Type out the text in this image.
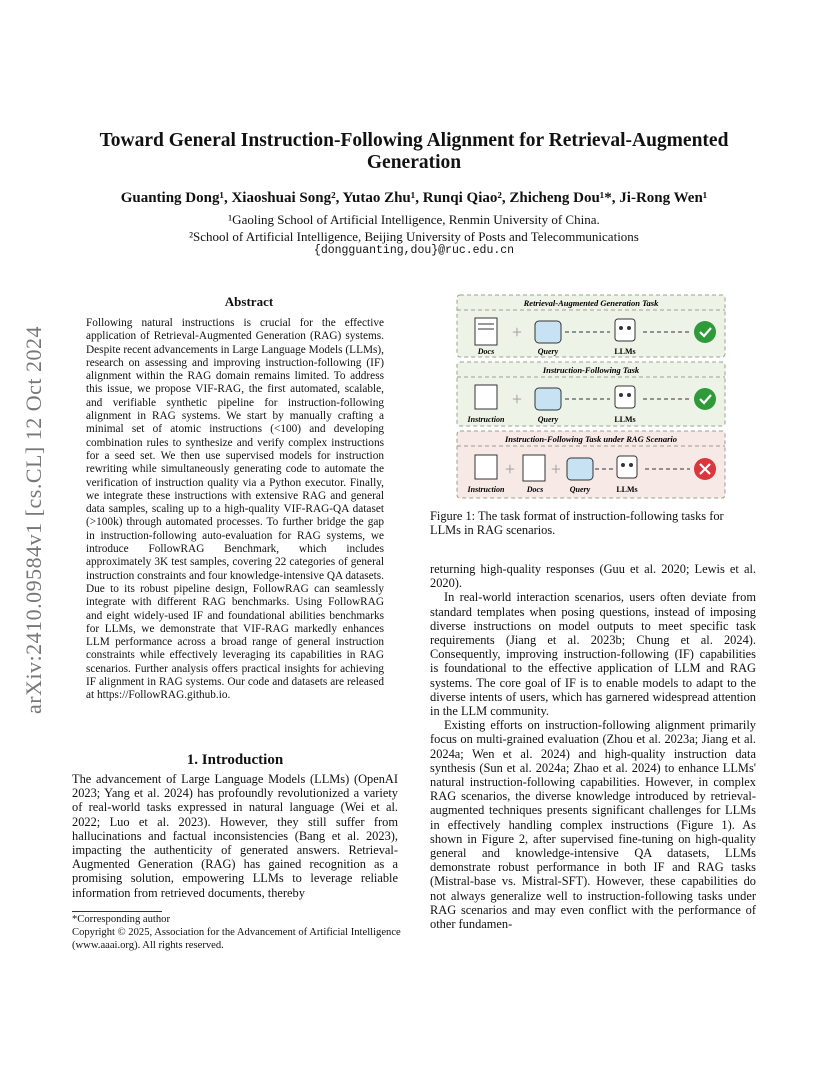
arXiv:2410.09584v1 [cs.CL] 12 Oct 2024
Toward General Instruction-Following Alignment for Retrieval-Augmented Generation
Guanting Dong¹, Xiaoshuai Song², Yutao Zhu¹, Runqi Qiao², Zhicheng Dou¹*, Ji-Rong Wen¹
¹Gaoling School of Artificial Intelligence, Renmin University of China.
²School of Artificial Intelligence, Beijing University of Posts and Telecommunications
{dongguanting,dou}@ruc.edu.cn
Abstract
Following natural instructions is crucial for the effective application of Retrieval-Augmented Generation (RAG) systems. Despite recent advancements in Large Language Models (LLMs), research on assessing and improving instruction-following (IF) alignment within the RAG domain remains limited. To address this issue, we propose VIF-RAG, the first automated, scalable, and verifiable synthetic pipeline for instruction-following alignment in RAG systems. We start by manually crafting a minimal set of atomic instructions (<100) and developing combination rules to synthesize and verify complex instructions for a seed set. We then use supervised models for instruction rewriting while simultaneously generating code to automate the verification of instruction quality via a Python executor. Finally, we integrate these instructions with extensive RAG and general data samples, scaling up to a high-quality VIF-RAG-QA dataset (>100k) through automated processes. To further bridge the gap in instruction-following auto-evaluation for RAG systems, we introduce FollowRAG Benchmark, which includes approximately 3K test samples, covering 22 categories of general instruction constraints and four knowledge-intensive QA datasets. Due to its robust pipeline design, FollowRAG can seamlessly integrate with different RAG benchmarks. Using FollowRAG and eight widely-used IF and foundational abilities benchmarks for LLMs, we demonstrate that VIF-RAG markedly enhances LLM performance across a broad range of general instruction constraints while effectively leveraging its capabilities in RAG scenarios. Further analysis offers practical insights for achieving IF alignment in RAG systems. Our code and datasets are released at https://FollowRAG.github.io.
1. Introduction
The advancement of Large Language Models (LLMs) (OpenAI 2023; Yang et al. 2024) has profoundly revolutionized a variety of real-world tasks expressed in natural language (Wei et al. 2022; Luo et al. 2023). However, they still suffer from hallucinations and factual inconsistencies (Bang et al. 2023), impacting the authenticity of generated answers. Retrieval-Augmented Generation (RAG) has gained recognition as a promising solution, empowering LLMs to leverage reliable information from retrieved documents, thereby
*Corresponding author
Copyright © 2025, Association for the Advancement of Artificial Intelligence (www.aaai.org). All rights reserved.
Retrieval-Augmented Generation Task
+
Docs	Query	LLMs
Instruction-Following Task
+
Instruction	Query	LLMs
Instruction-Following Task under RAG Scenario
+ +
Instruction	Docs	Query	LLMs
Figure 1: The task format of instruction-following tasks for LLMs in RAG scenarios.

returning high-quality responses (Guu et al. 2020; Lewis et al. 2020).

In real-world interaction scenarios, users often deviate from standard templates when posing questions, instead of imposing diverse instructions on model outputs to meet specific task requirements (Jiang et al. 2023b; Chung et al. 2024). Consequently, improving instruction-following (IF) capabilities is foundational to the effective application of LLM and RAG systems. The core goal of IF is to enable models to adapt to the diverse intents of users, which has garnered widespread attention in the LLM community.

Existing efforts on instruction-following alignment primarily focus on multi-grained evaluation (Zhou et al. 2023a; Jiang et al. 2024a; Wen et al. 2024) and high-quality instruction data synthesis (Sun et al. 2024a; Zhao et al. 2024) to enhance LLMs' natural instruction-following capabilities. However, in complex RAG scenarios, the diverse knowledge introduced by retrieval-augmented techniques presents significant challenges for LLMs in effectively handling complex instructions (Figure 1). As shown in Figure 2, after supervised fine-tuning on high-quality general and knowledge-intensive QA datasets, LLMs demonstrate robust performance in both IF and RAG tasks (Mistral-base vs. Mistral-SFT). However, these capabilities do not always generalize well to instruction-following tasks under RAG scenarios and may even conflict with the performance of other fundamen-
